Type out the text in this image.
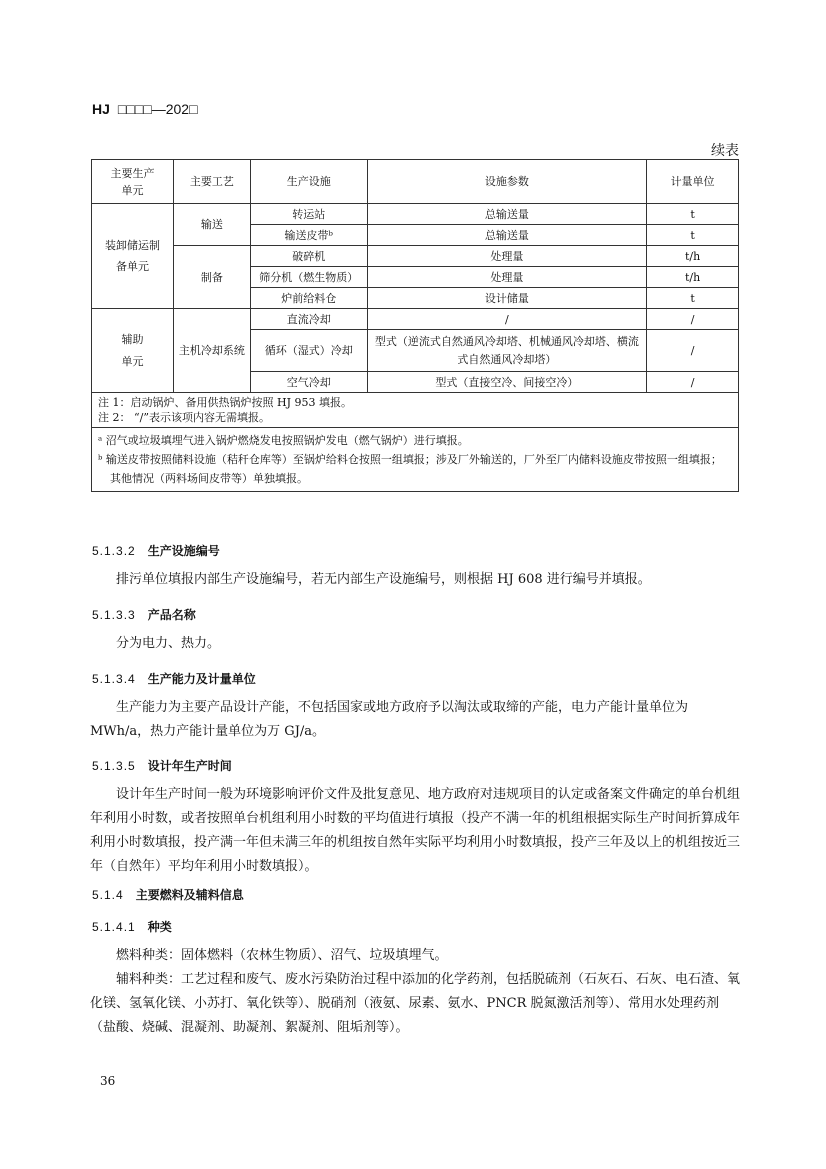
HJ □□□□—202□
续表
主要生产单元	主要工艺	生产设施	设施参数	计量单位
装卸储运制备单元	输送	转运站	总输送量	t
		输送皮带ᵇ	总输送量	t
	制备	破碎机	处理量	t/h
		筛分机（燃生物质）	处理量	t/h
		炉前给料仓	设计储量	t
辅助单元	主机冷却系统	直流冷却	/	/
		循环（湿式）冷却	型式（逆流式自然通风冷却塔、机械通风冷却塔、横流式自然通风冷却塔）	/
		空气冷却	型式（直接空冷、间接空冷）	/

注 1：启动锅炉、备用供热锅炉按照 HJ 953 填报。
注 2： “/”表示该项内容无需填报。				

ᵃ 沼气或垃圾填埋气进入锅炉燃烧发电按照锅炉发电（燃气锅炉）进行填报。
ᵇ 输送皮带按照储料设施（秸秆仓库等）至锅炉给料仓按照一组填报；涉及厂外输送的，厂外至厂内储料设施皮带按照一组填报；其他情况（两料场间皮带等）单独填报。				
5.1.3.2 生产设施编号

排污单位填报内部生产设施编号，若无内部生产设施编号，则根据 HJ 608 进行编号并填报。

5.1.3.3 产品名称

分为电力、热力。

5.1.3.4 生产能力及计量单位

生产能力为主要产品设计产能，不包括国家或地方政府予以淘汰或取缔的产能，电力产能计量单位为 MWh/a，热力产能计量单位为万 GJ/a。

5.1.3.5 设计年生产时间

设计年生产时间一般为环境影响评价文件及批复意见、地方政府对违规项目的认定或备案文件确定的单台机组年利用小时数，或者按照单台机组利用小时数的平均值进行填报（投产不满一年的机组根据实际生产时间折算成年利用小时数填报，投产满一年但未满三年的机组按自然年实际平均利用小时数填报，投产三年及以上的机组按近三年（自然年）平均年利用小时数填报）。

5.1.4 主要燃料及辅料信息
5.1.4.1 种类

燃料种类：固体燃料（农林生物质）、沼气、垃圾填埋气。

辅料种类：工艺过程和废气、废水污染防治过程中添加的化学药剂，包括脱硫剂（石灰石、石灰、电石渣、氧化镁、氢氧化镁、小苏打、氧化铁等）、脱硝剂（液氨、尿素、氨水、PNCR 脱氮激活剂等）、常用水处理药剂（盐酸、烧碱、混凝剂、助凝剂、絮凝剂、阻垢剂等）。

36
